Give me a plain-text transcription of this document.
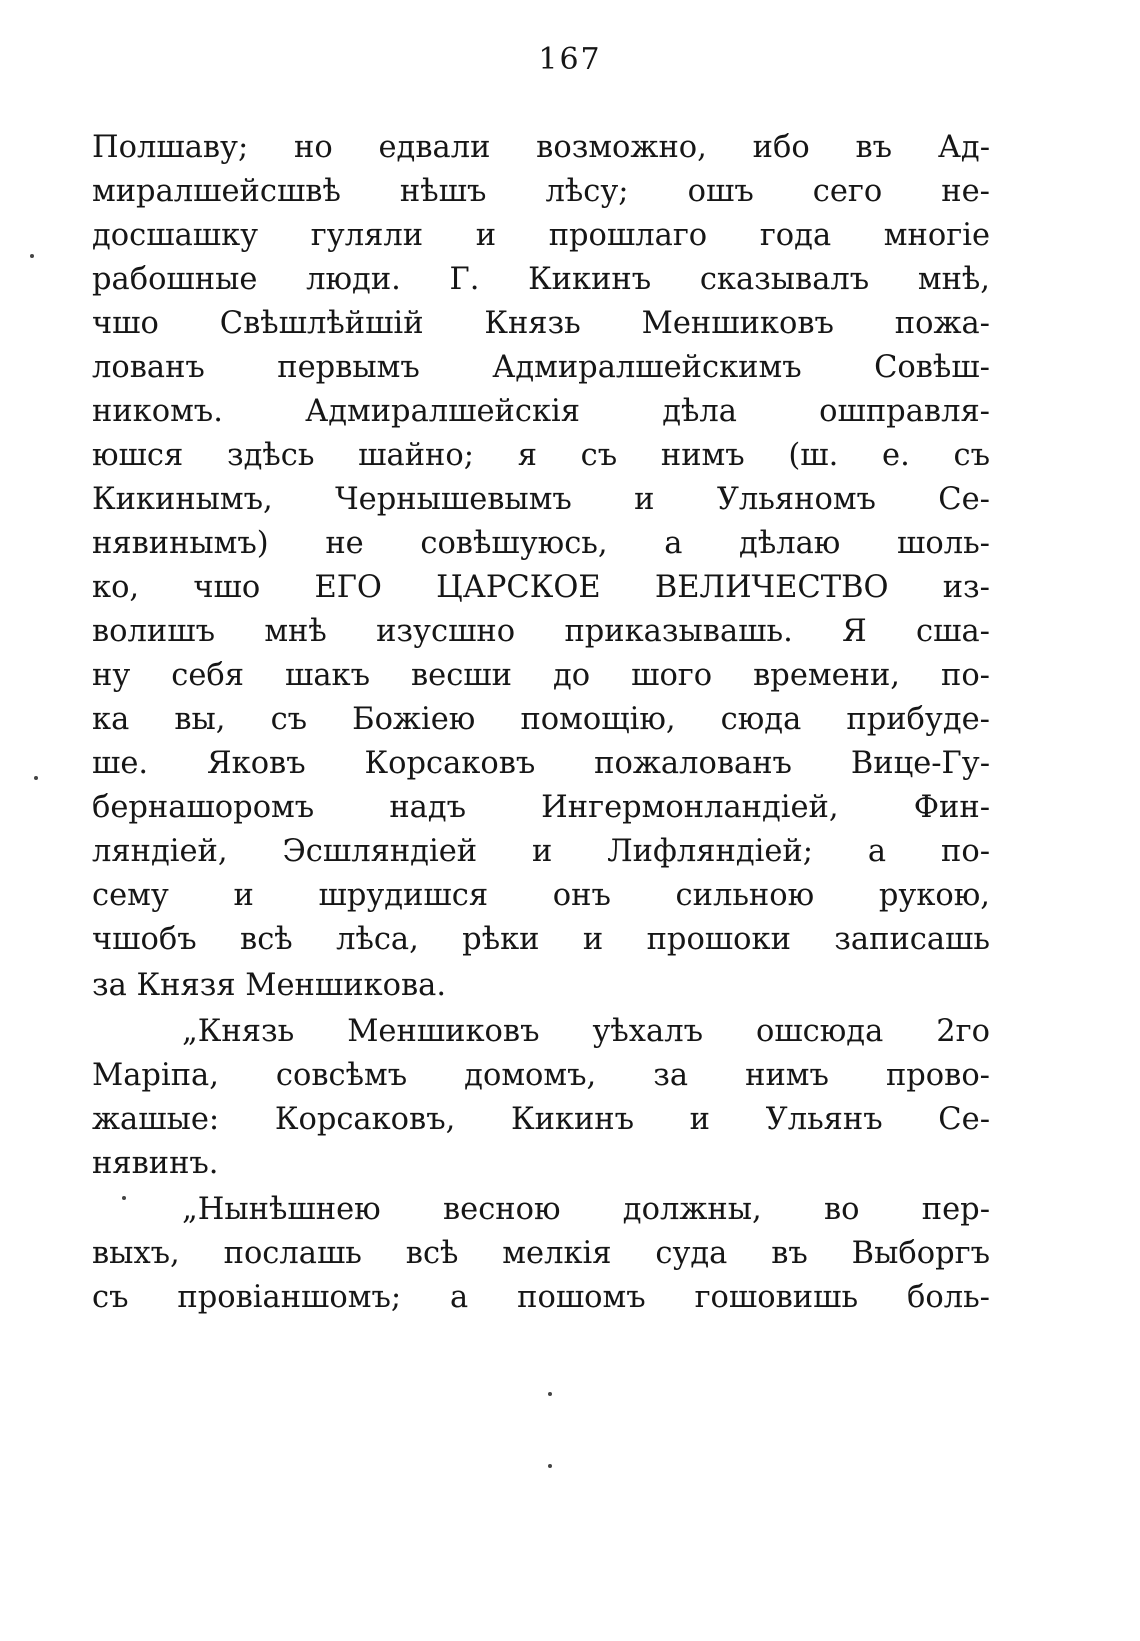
167
Полшаву; но едвали возможно, ибо въ Ад-
миралшейсшвѣ нѣшъ лѣсу; ошъ сего не-
досшашку гуляли и прошлаго года многіе
рабошные люди. Г. Кикинъ сказывалъ мнѣ,
чшо Свѣшлѣйшій Князь Меншиковъ пожа-
лованъ первымъ Адмиралшейскимъ Совѣш-
никомъ. Адмиралшейскія дѣла ошправля-
юшся здѣсь шайно; я съ нимъ (ш. е. съ
Кикинымъ, Чернышевымъ и Ульяномъ Се-
нявинымъ) не совѣшуюсь, а дѣлаю шоль-
ко, чшо ЕГО ЦАРСКОЕ ВЕЛИЧЕСТВО из-
волишъ мнѣ изусшно приказывашь. Я сша-
ну себя шакъ весши до шого времени, по-
ка вы, съ Божіею помощію, сюда прибуде-
ше. Яковъ Корсаковъ пожалованъ Вице-Гу-
бернашоромъ надъ Ингермонландіей, Фин-
ляндіей, Эсшляндіей и Лифляндіей; а по-
сему и шрудишся онъ сильною рукою,
чшобъ всѣ лѣса, рѣки и прошоки записашь
за Князя Меншикова.
„Князь Меншиковъ уѣхалъ ошсюда 2го
Маріпа, совсѣмъ домомъ, за нимъ прово-
жашые: Корсаковъ, Кикинъ и Ульянъ Се-
нявинъ.
„Нынѣшнею весною должны, во пер-
выхъ, послашь всѣ мелкія суда въ Выборгъ
съ провіаншомъ; а пошомъ гошовишь боль-
